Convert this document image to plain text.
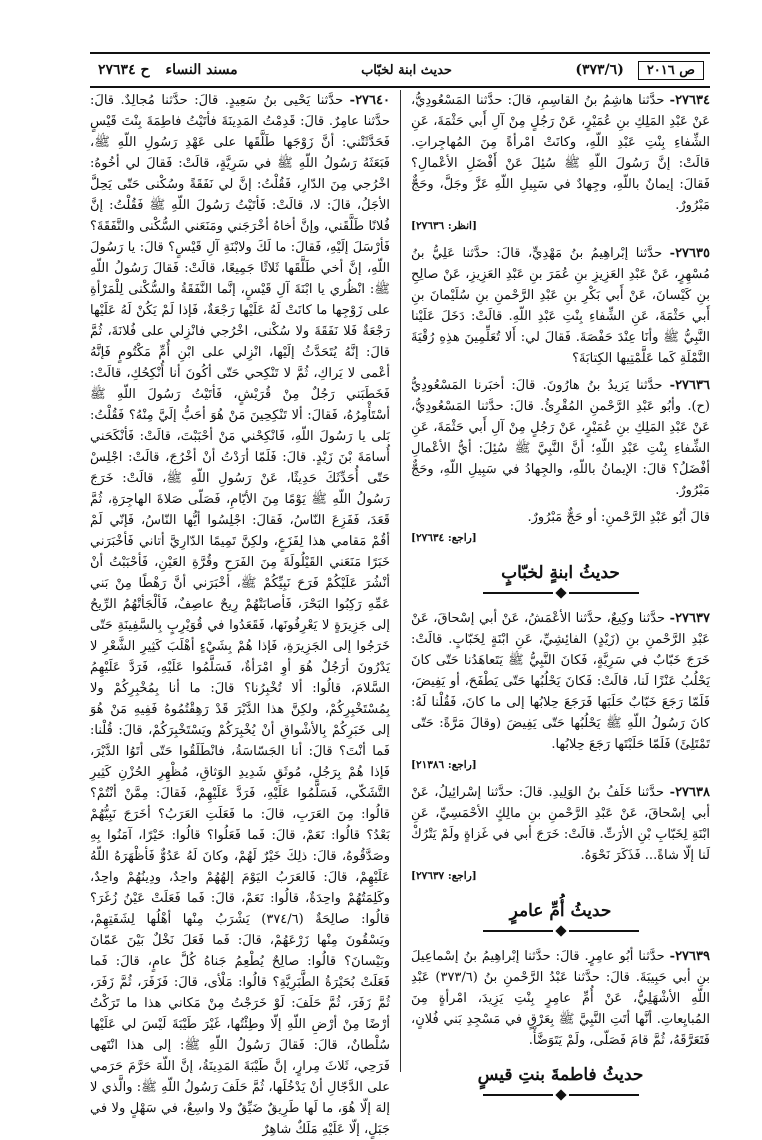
ح ٢٧٦٣٤	مسند النساء	حديث ابنة لخبّاب	(٣٧٣/٦)	ص ٢٠١٦

٢٧٦٣٤- حدَّثنا هاشِمُ بنُ القاسِمِ، قالَ: حدَّثنا المَسْعُودِيُّ، عَنْ عَبْدِ المَلِكِ بنِ عُمَيْرٍ، عَنْ رَجُلٍ مِنْ آلِ أَبي حَثْمَةَ، عَنِ الشِّفاءِ بِنْتِ عَبْدِ اللّهِ، وكانَتْ امْرأةً مِنَ المُهاجِراتِ. قالَتْ: إنَّ رَسُولَ اللّهِ ﷺ سُئِلَ عَنْ أَفْضَلِ الأعْمالِ؟ فَقالَ: إيمانٌ باللّهِ، وجِهادٌ في سَبِيلِ اللّهِ عَزَّ وجَلَّ، وحَجٌّ مَبْرُورٌ.
[انظر: ٢٧٦٣٦]

٢٧٦٣٥- حدَّثنا إبْراهِيمُ بنُ مَهْدِيٍّ، قالَ: حدَّثنا عَلِيُّ بنُ مُسْهِرٍ، عَنْ عَبْدِ العَزِيزِ بنِ عُمَرَ بنِ عَبْدِ العَزِيزِ، عَنْ صالِحِ بنِ كَيْسانَ، عَنْ أَبي بَكْرِ بنِ عَبْدِ الرَّحْمنِ بنِ سُلَيْمانَ بنِ أَبي حَثْمَةَ، عَنِ الشِّفاءِ بِنْتِ عَبْدِ اللّهِ. قالَتْ: دَخَلَ عَلَيْنا النَّبِيُّ ﷺ وأنَا عِنْدَ حَفْصَةَ. فَقالَ لي: أَلا تُعَلِّمِينَ هذِهِ رُقْيَةَ النَّمْلَةِ كَما عَلَّمْتِيها الكِتابَةَ؟

٢٧٦٣٦- حدَّثنا يَزيدُ بنُ هارُونَ. قالَ: أخبَرنا المَسْعُودِيُّ (ح). وأبُو عَبْدِ الرَّحْمنِ المُقْرِئُ. قالَ: حدَّثنا المَسْعُودِيُّ، عَنْ عَبْدِ المَلِكِ بنِ عُمَيْرٍ، عَنْ رَجُلٍ مِنْ آلِ أَبي حَثْمَةَ، عَنِ الشِّفاءِ بِنْتِ عَبْدِ اللّهِ؛ أنَّ النَّبِيَّ ﷺ سُئِلَ: أيُّ الأعْمالِ أفْضَلُ؟ قالَ: الإيمانُ باللّهِ، والجِهادُ في سَبِيلِ اللّهِ، وحَجٌّ مَبْرُورٌ.

قالَ أبُو عَبْدِ الرَّحْمنِ: أو حَجٌّ مَبْرُورٌ.
[راجع: ٢٧٦٣٤]

حديثُ ابنةٍ لخبّابٍ

٢٧٦٣٧- حدَّثنا وكِيعٌ، حدَّثنا الأعْمَشُ، عَنْ أبي إسْحاقَ، عَنْ عَبْدِ الرَّحْمنِ بنِ (زَيْدٍ) الفائِشِيِّ، عَنِ ابْنَةٍ لِخَبّابٍ. قالَتْ: خَرَجَ خَبّابٌ في سَرِيَّةٍ، فَكانَ النَّبِيُّ ﷺ يَتَعاهَدُنا حَتّى كانَ يَحْلُبُ عَنْزًا لَنا، قالَتْ: فَكانَ يَحْلُبُها حَتّى يَطْفَحَ، أو يَفِيضَ، فَلَمّا رَجَعَ خَبّابٌ حَلَبَها فَرَجَعَ حِلابُها إلى ما كانَ، فَقُلْنا لَهُ: كانَ رَسُولُ اللّهِ ﷺ يَحْلُبُها حَتّى يَفِيضَ (وقالَ مَرَّةً: حَتّى تَمْتَلِئَ) فَلَمّا حَلَبْتَها رَجَعَ حِلابُها.
[راجع: ٢١٣٨٦]

٢٧٦٣٨- حدَّثنا خَلَفُ بنُ الوَلِيدِ. قالَ: حدَّثنا إسْرائِيلُ، عَنْ أبي إسْحاقَ، عَنْ عَبْدِ الرَّحْمنِ بنِ مالِكٍ الأحْمَسِيِّ، عَنِ ابْنَةِ لِخَبّابِ بْنِ الأرَتِّ. قالَتْ: خَرَجَ أبي في غَزاةٍ ولَمْ يَتْرُكْ لَنا إلّا شاةً... فَذَكَرَ نَحْوَهُ.
[راجع: ٢٧٦٣٧]

حديثُ أُمِّ عامرٍ

٢٧٦٣٩- حدَّثنا أبُو عامِرٍ. قالَ: حدَّثنا إبْراهِيمُ بنُ إسْماعِيلَ بنِ أبي حَبِيبَةَ. قالَ: حدَّثنا عَبْدُ الرَّحْمنِ بنُ (٣٧٣/٦) عَبْدِ اللّهِ الأشْهَلِيُّ، عَنْ أُمِّ عامِرٍ بِنْتِ يَزِيدَ، امْرأةٍ مِنَ المُبايِعاتِ. أنَّها أتَتِ النَّبِيَّ ﷺ بِعَرْقٍ في مَسْجِدِ بَني فُلانٍ، فَتَعَرَّقَهُ، ثُمَّ قامَ فَصَلّى، ولَمْ يَتَوَضَّأْ.

حديثُ فاطمةَ بنتِ قيسٍ

٢٧٦٤٠- حدَّثنا يَحْيى بنُ سَعِيدٍ. قالَ: حدَّثنا مُجالِدٌ. قالَ: حدَّثنا عامِرٌ. قالَ: قَدِمْتُ المَدِينَةَ فأتَيْتُ فاطِمَةَ بِنْتَ قَيْسٍ فَحَدَّثَتْني: أنَّ زَوْجَها طَلَّقَها على عَهْدِ رَسُولِ اللّهِ ﷺ، فَبَعَثَهُ رَسُولُ اللّهِ ﷺ في سَرِيَّةٍ، قالَتْ: فَقالَ لي أخُوهُ: اخْرُجي مِنَ الدّارِ، فَقُلْتُ: إنَّ لي نَفَقَةً وسُكْنى حَتّى يَحِلَّ الأجَلُ، قالَ: لا، قالَتْ: فَأتَيْتُ رَسُولَ اللّهِ ﷺ فَقُلْتُ: إنَّ فُلانًا طَلَّقَني، وإنَّ أخاهُ أخْرَجَني ومَنَعَني السُّكْنى والنَّفَقَةَ؟ فَأرْسَلَ إلَيْهِ، فَقالَ: ما لَكَ ولابْنَةِ آلِ قَيْسٍ؟ قالَ: يا رَسُولَ اللّهِ، إنَّ أخي طَلَّقَها ثَلاثًا جَمِيعًا، قالَتْ: فَقالَ رَسُولُ اللّهِ ﷺ: انْظُري يا ابْنَةَ آلِ قَيْسٍ، إنَّما النَّفَقَةُ والسُّكْنى لِلْمَرْأةِ على زَوْجِها ما كانَتْ لَهُ عَلَيْها رَجْعَةٌ، فَإذا لَمْ يَكُنْ لَهُ عَلَيْها رَجْعَةٌ فَلا نَفَقَةَ ولا سُكْنى، اخْرُجي فانْزِلي على فُلانَةَ، ثُمَّ قالَ: إنَّهُ يُتَحَدَّثُ إلَيْها، انْزِلي على ابْنِ أُمِّ مَكْتُومٍ فَإنَّهُ أعْمى لا يَراكِ، ثُمَّ لا تَنْكِحي حَتّى أكُونَ أنا أُنْكِحُكِ، قالَتْ: فَخَطَبَني رَجُلٌ مِنْ قُرَيْشٍ، فَأتَيْتُ رَسُولَ اللّهِ ﷺ أسْتَأْمِرُهُ، فَقالَ: ألا تَنْكِحِينَ مَنْ هُوَ أحَبُّ إلَيَّ مِنْهُ؟ فَقُلْتُ: بَلى يا رَسُولَ اللّهِ، فَانْكِحْني مَنْ أحْبَبْتَ، قالَتْ: فَأنْكَحَني أُسامَةَ بْنَ زَيْدٍ. قالَ: فَلَمّا أرَدْتُ أنْ أخْرُجَ، قالَتْ: اجْلِسْ حَتّى أُحَدِّثَكَ حَدِيثًا، عَنْ رَسُولِ اللّهِ ﷺ، قالَتْ: خَرَجَ رَسُولُ اللّهِ ﷺ يَوْمًا مِنَ الأيّامِ، فَصَلّى صَلاةَ الهاجِرَةِ، ثُمَّ قَعَدَ، فَفَزِعَ النّاسُ، فَقالَ: اجْلِسُوا أيُّها النّاسُ، فَإنّي لَمْ أقُمْ مَقامي هذا لِفَزَعٍ، ولكِنَّ تَمِيمًا الدّارِيَّ أتاني فَأخْبَرَني خَبَرًا مَنَعَني القَيْلُولَةَ مِنَ الفَرَحِ وقُرَّةِ العَيْنِ، فَأحْبَبْتُ أنْ أنْشُرَ عَلَيْكُمْ فَرَحَ نَبِيِّكُمْ ﷺ، أخْبَرَني أنَّ رَهْطًا مِنْ بَني عَمِّهِ رَكِبُوا البَحْرَ، فَأصابَتْهُمْ رِيحٌ عاصِفٌ، فَألْجَأتْهُمُ الرِّيحُ إلى جَزِيرَةٍ لا يَعْرِفُونَها، فَقَعَدُوا في قُوَيْرِبٍ بِالسَّفِينَةِ حَتّى خَرَجُوا إلى الجَزِيرَةِ، فَإذا هُمْ بِشَيْءٍ أهْلَبَ كَثِيرِ الشَّعْرِ لا يَدْرُونَ أرَجُلٌ هُوَ أوِ امْرَأةٌ، فَسَلَّمُوا عَلَيْهِ، فَرَدَّ عَلَيْهِمُ السَّلامَ، قالُوا: ألا تُخْبِرُنا؟ قالَ: ما أنا بِمُخْبِرِكُمْ ولا بِمُسْتَخْبِرِكُمْ، ولكِنَّ هذا الدَّيْرَ قَدْ رَهِقْتُمُوهُ فَفِيهِ مَنْ هُوَ إلى خَبَرِكُمْ بِالأشْواقِ أنْ يُخْبِرَكُمْ ويَسْتَخْبِرَكُمْ، قالَ: قُلْنا: فَما أنْتَ؟ قالَ: أنا الجَسّاسَةُ، فانْطَلَقُوا حَتّى أتَوُا الدَّيْرَ، فَإذا هُمْ بِرَجُلٍ، مُوثَقٍ شَدِيدِ الوَثاقِ، مُظْهِرِ الحُزْنِ كَثِيرِ التَّشَكّي، فَسَلَّمُوا عَلَيْهِ، فَرَدَّ عَلَيْهِمْ، فَقالَ: مِمَّنْ أنْتُمْ؟ قالُوا: مِنَ العَرَبِ، قالَ: ما فَعَلَتِ العَرَبُ؟ أخَرَجَ نَبِيُّهُمْ بَعْدُ؟ قالُوا: نَعَمْ، قالَ: فَما فَعَلُوا؟ قالُوا: خَيْرًا، آمَنُوا بِهِ وصَدَّقُوهُ، قالَ: ذلِكَ خَيْرٌ لَهُمْ، وكانَ لَهُ عَدُوٌّ فَأظْهَرَهُ اللّهُ عَلَيْهِمْ، قالَ: فَالعَرَبُ اليَوْمَ إلهُهُمْ واحِدٌ، ودِينُهُمْ واحِدٌ، وكَلِمَتُهُمْ واحِدَةٌ، قالُوا: نَعَمْ، قالَ: فَما فَعَلَتْ عَيْنُ زُغَرَ؟ قالُوا: صالِحَةٌ (٣٧٤/٦) يَشْرَبُ مِنْها أهْلُها لِشَفَتِهِمْ، ويَسْقُونَ مِنْها زَرْعَهُمْ، قالَ: فَما فَعَلَ نَخْلٌ بَيْنَ عَمّانَ وبَيْسانَ؟ قالُوا: صالِحٌ يُطْعِمُ جَناهُ كُلَّ عامٍ، قالَ: فَما فَعَلَتْ بُحَيْرَةُ الطَّبَرِيَّةِ؟ قالُوا: مَلْأى، قالَ: فَزَفَرَ، ثُمَّ زَفَرَ، ثُمَّ زَفَرَ، ثُمَّ حَلَفَ: لَوْ خَرَجْتُ مِنْ مَكاني هذا ما تَرَكْتُ أرْضًا مِنْ أرْضِ اللّهِ إلّا وطِئْتُها، غَيْرَ طَيْبَةَ لَيْسَ لي عَلَيْها سُلْطانٌ، قالَ: فَقالَ رَسُولُ اللّهِ ﷺ: إلى هذا انْتَهى فَرَحِي، ثَلاثَ مِرارٍ، إنَّ طَيْبَةَ المَدِينَةُ، إنَّ اللّهَ حَرَّمَ حَرَمي على الدَّجّالِ أنْ يَدْخُلَها، ثُمَّ حَلَفَ رَسُولُ اللّهِ ﷺ: والَّذي لا إلهَ إلّا هُوَ، ما لَها طَرِيقٌ ضَيِّقٌ ولا واسِعٌ، في سَهْلٍ ولا في جَبَلٍ، إلّا عَلَيْهِ مَلَكٌ شاهِرٌ
